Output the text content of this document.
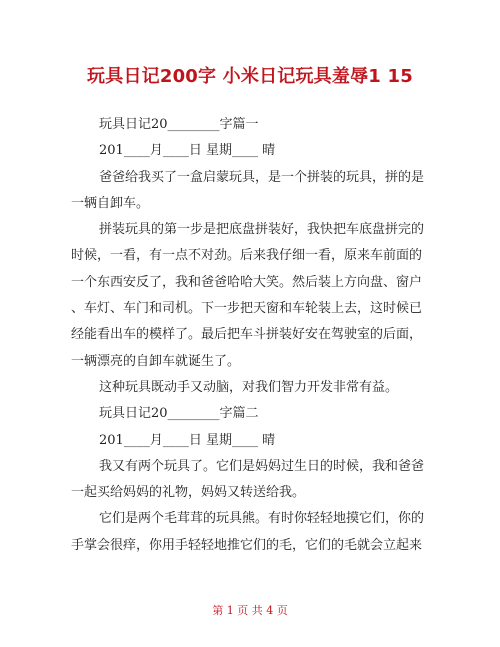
玩具日记200字 小米日记玩具羞辱1 15
玩具日记20________字篇一
201____月____日 星期____ 晴
爸爸给我买了一盒启蒙玩具，是一个拼装的玩具，拼的是
一辆自卸车。
拼装玩具的第一步是把底盘拼装好，我快把车底盘拼完的
时候，一看，有一点不对劲。后来我仔细一看，原来车前面的
一个东西安反了，我和爸爸哈哈大笑。然后装上方向盘、窗户
、车灯、车门和司机。下一步把天窗和车轮装上去，这时候已
经能看出车的模样了。最后把车斗拼装好安在驾驶室的后面，
一辆漂亮的自卸车就诞生了。
这种玩具既动手又动脑，对我们智力开发非常有益。
玩具日记20________字篇二
201____月____日 星期____ 晴
我又有两个玩具了。它们是妈妈过生日的时候，我和爸爸
一起买给妈妈的礼物，妈妈又转送给我。
它们是两个毛茸茸的玩具熊。有时你轻轻地摸它们，你的
手掌会很痒，你用手轻轻地推它们的毛，它们的毛就会立起来
第 1 页 共 4 页
